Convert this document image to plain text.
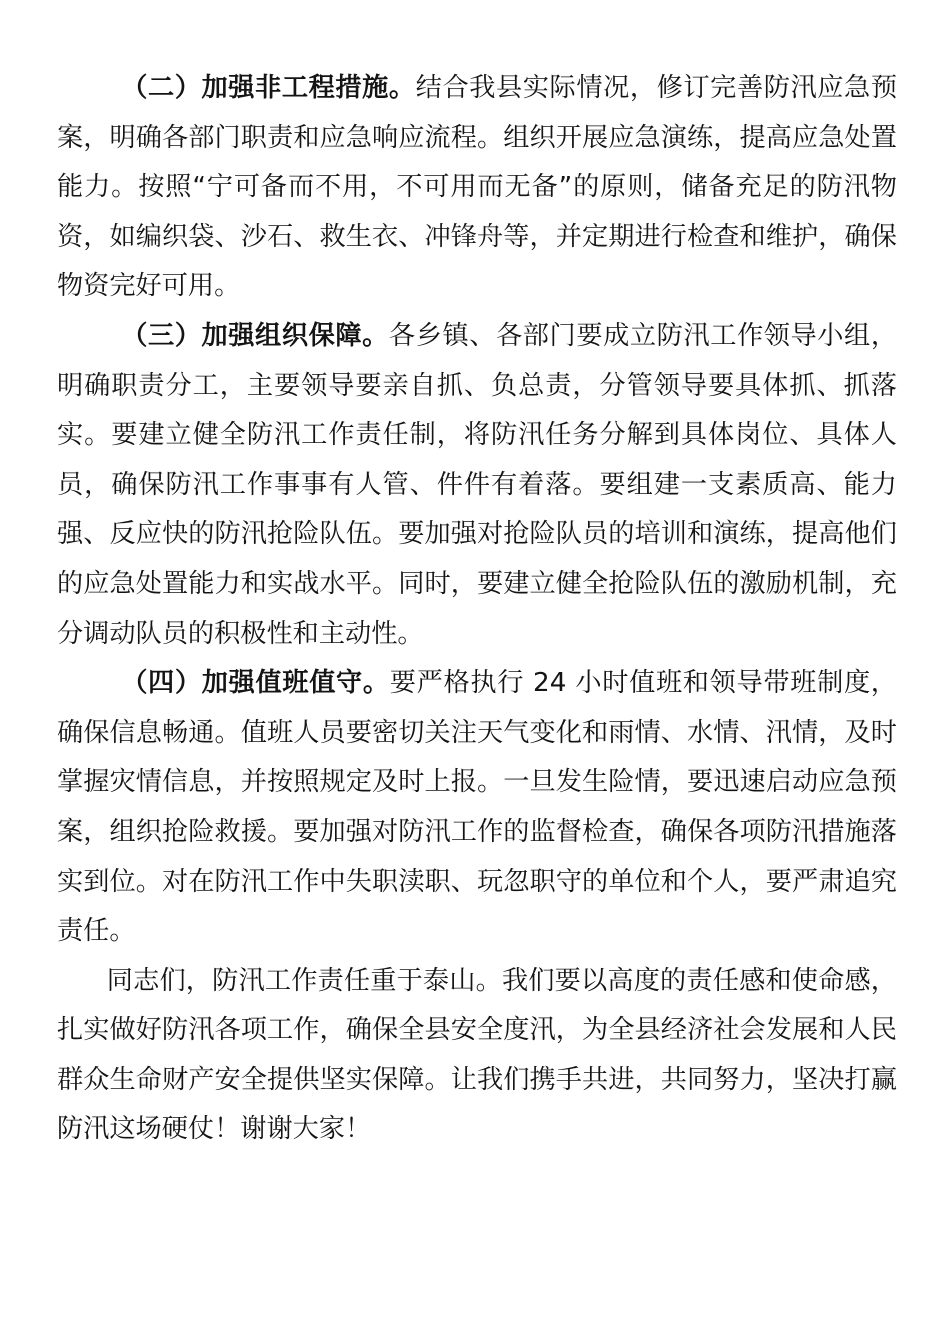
（二）加强非工程措施。结合我县实际情况，修订完善防汛应急预案，明确各部门职责和应急响应流程。组织开展应急演练，提高应急处置能力。按照“宁可备而不用，不可用而无备”的原则，储备充足的防汛物资，如编织袋、沙石、救生衣、冲锋舟等，并定期进行检查和维护，确保物资完好可用。

（三）加强组织保障。各乡镇、各部门要成立防汛工作领导小组，明确职责分工，主要领导要亲自抓、负总责，分管领导要具体抓、抓落实。要建立健全防汛工作责任制，将防汛任务分解到具体岗位、具体人员，确保防汛工作事事有人管、件件有着落。要组建一支素质高、能力强、反应快的防汛抢险队伍。要加强对抢险队员的培训和演练，提高他们的应急处置能力和实战水平。同时，要建立健全抢险队伍的激励机制，充分调动队员的积极性和主动性。

（四）加强值班值守。要严格执行 24 小时值班和领导带班制度，确保信息畅通。值班人员要密切关注天气变化和雨情、水情、汛情，及时掌握灾情信息，并按照规定及时上报。一旦发生险情，要迅速启动应急预案，组织抢险救援。要加强对防汛工作的监督检查，确保各项防汛措施落实到位。对在防汛工作中失职渎职、玩忽职守的单位和个人，要严肃追究责任。

同志们，防汛工作责任重于泰山。我们要以高度的责任感和使命感，扎实做好防汛各项工作，确保全县安全度汛，为全县经济社会发展和人民群众生命财产安全提供坚实保障。让我们携手共进，共同努力，坚决打赢防汛这场硬仗！谢谢大家！
